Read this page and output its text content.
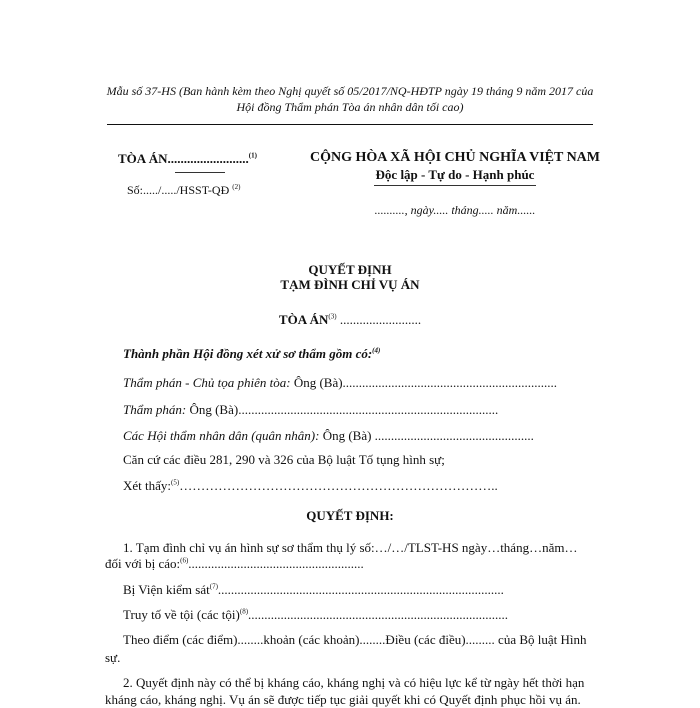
Mẫu số 37-HS (Ban hành kèm theo Nghị quyết số 05/2017/NQ-HĐTP ngày 19 tháng 9 năm 2017 của
Hội đồng Thẩm phán Tòa án nhân dân tối cao)
TÒA ÁN.........................$^{(1)}$
Số:...../...../HSST-QĐ $^{(2)}$
CỘNG HÒA XÃ HỘI CHỦ NGHĨA VIỆT NAM
Độc lập - Tự do - Hạnh phúc
.........., ngày..... tháng..... năm......
QUYẾT ĐỊNH
TẠM ĐÌNH CHỈ VỤ ÁN
TÒA ÁN$^{(3)}$ .........................
Thành phần Hội đồng xét xử sơ thẩm gồm có:$^{(4)}$
Thẩm phán - Chủ tọa phiên tòa: Ông (Bà)..................................................................
Thẩm phán: Ông (Bà)................................................................................
Các Hội thẩm nhân dân (quân nhân): Ông (Bà) .................................................
Căn cứ các điều 281, 290 và 326 của Bộ luật Tố tụng hình sự;
Xét thấy:$^{(5)}$………………………………………………………………..
QUYẾT ĐỊNH:
1. Tạm đình chỉ vụ án hình sự sơ thẩm thụ lý số:…/…/TLST-HS ngày…tháng…năm…
đối với bị cáo:$^{(6)}$......................................................
Bị Viện kiểm sát$^{(7)}$........................................................................................
Truy tố về tội (các tội)$^{(8)}$................................................................................
Theo điểm (các điểm)........khoản (các khoản)........Điều (các điều)......... của Bộ luật Hình
sự.
2. Quyết định này có thể bị kháng cáo, kháng nghị và có hiệu lực kể từ ngày hết thời hạn
kháng cáo, kháng nghị. Vụ án sẽ được tiếp tục giải quyết khi có Quyết định phục hồi vụ án.
